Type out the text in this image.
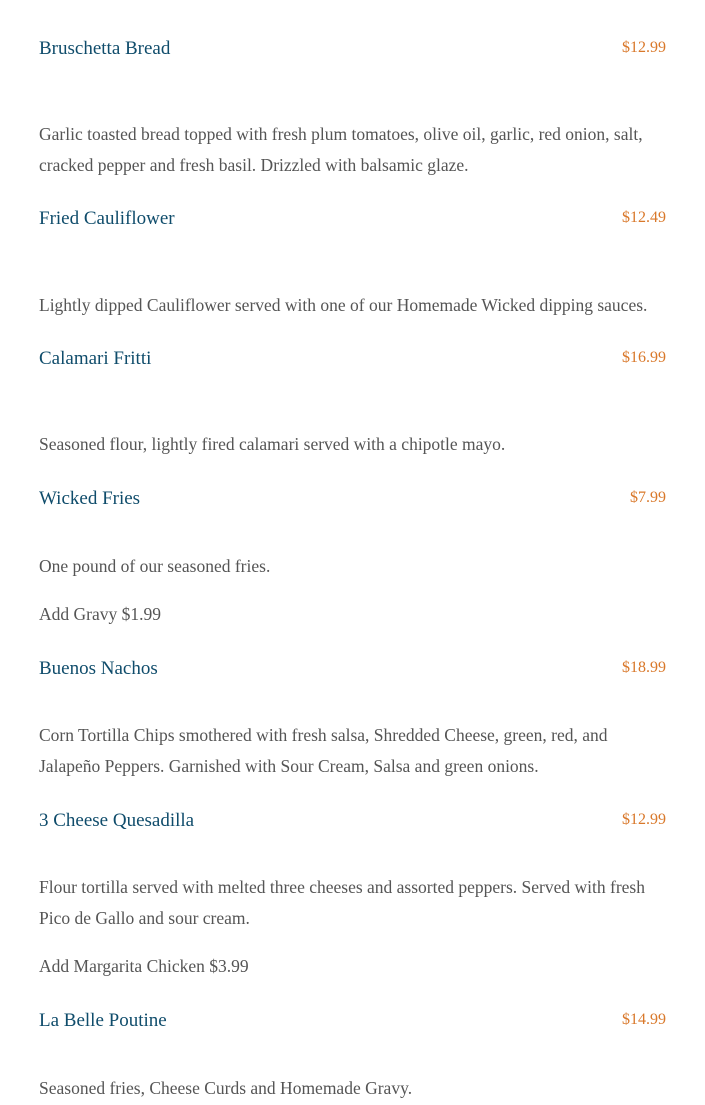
Bruschetta Bread	$12.99

Garlic toasted bread topped with fresh plum tomatoes, olive oil, garlic, red onion, salt, cracked pepper and fresh basil. Drizzled with balsamic glaze.

Fried Cauliflower	$12.49

Lightly dipped Cauliflower served with one of our Homemade Wicked dipping sauces.

Calamari Fritti	$16.99

Seasoned flour, lightly fired calamari served with a chipotle mayo.

Wicked Fries	$7.99

One pound of our seasoned fries.

Add Gravy $1.99

Buenos Nachos	$18.99

Corn Tortilla Chips smothered with fresh salsa, Shredded Cheese, green, red, and Jalapeño Peppers. Garnished with Sour Cream, Salsa and green onions.

3 Cheese Quesadilla	$12.99

Flour tortilla served with melted three cheeses and assorted peppers. Served with fresh Pico de Gallo and sour cream.

Add Margarita Chicken $3.99

La Belle Poutine	$14.99

Seasoned fries, Cheese Curds and Homemade Gravy.
